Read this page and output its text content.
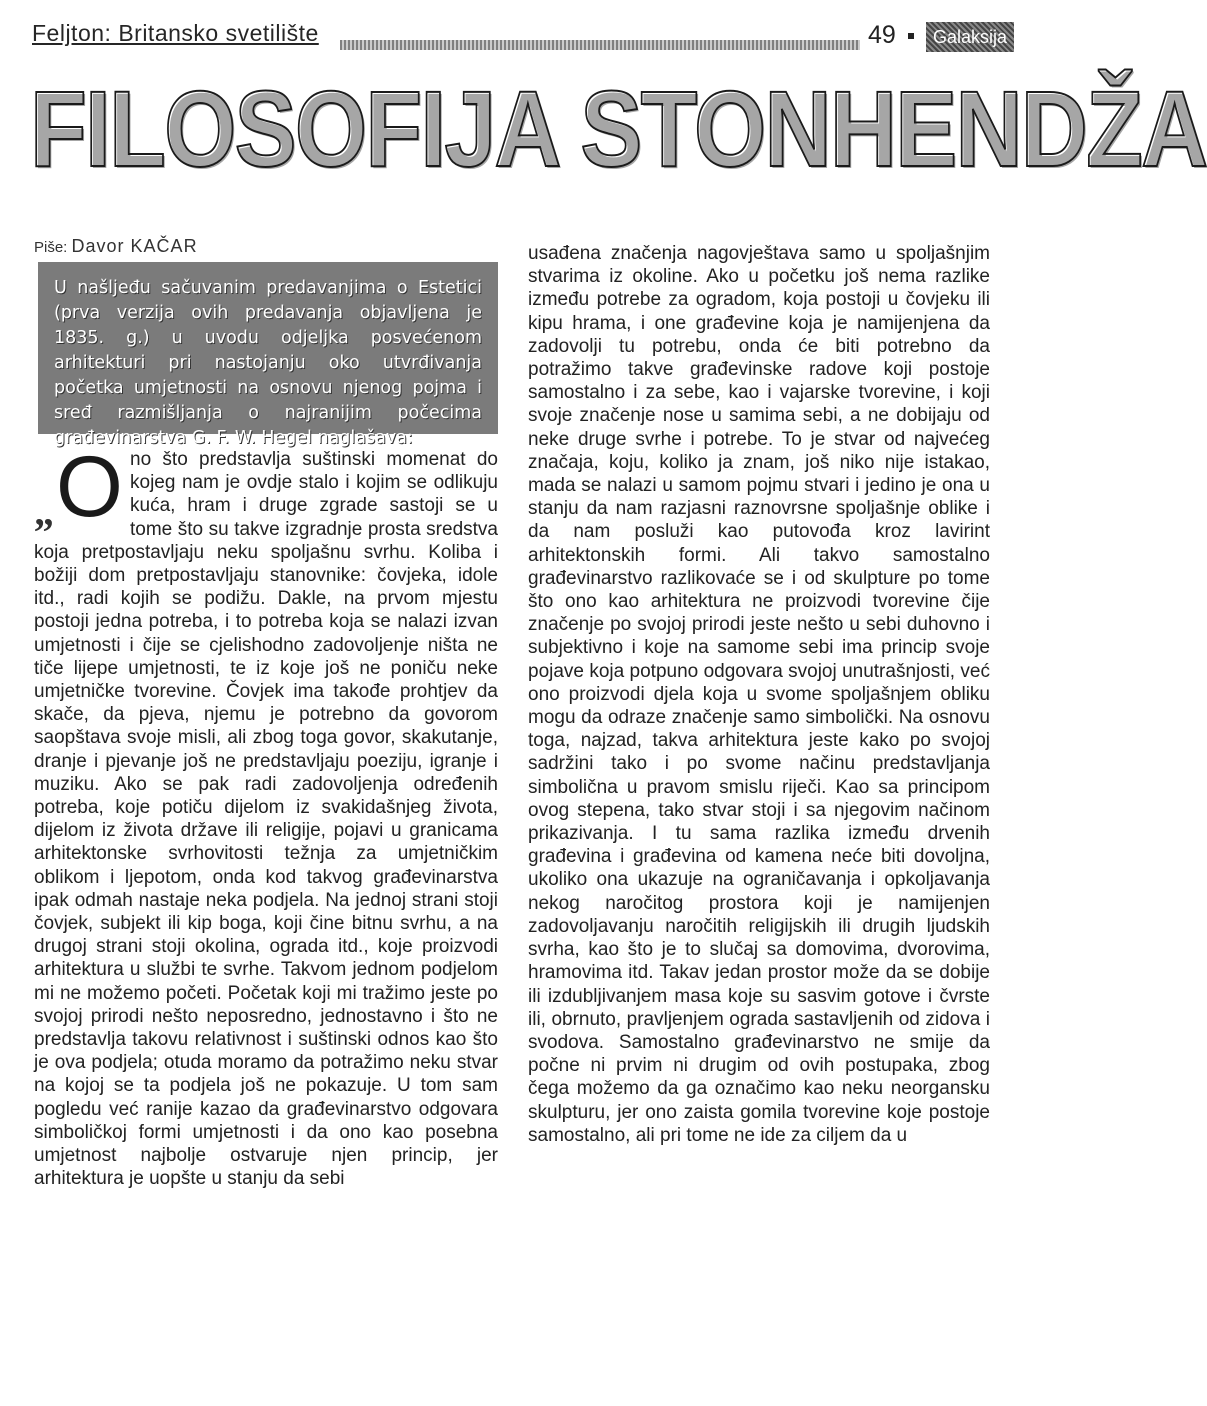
Feljton: Britansko svetilište	49	Galaksija
FILOSOFIJA STONHENDŽA
Piše: Davor KAČAR
U našljeđu sačuvanim predavanjima o Estetici (prva verzija ovih predavanja objavljena je 1835. g.) u uvodu odjeljka posvećenom arhitekturi pri nastojanju oko utvrđivanja početka umjetnosti na osnovu njenog pojma i sređ razmišljanja o najranijim počecima građevinarstva G. F. W. Hegel naglašava:
„ O no što predstavlja suštinski momenat do kojeg nam je ovdje stalo i kojim se odlikuju kuća, hram i druge zgrade sastoji se u tome što su takve izgradnje prosta sredstva koja pretpostavljaju neku spoljašnu svrhu. Koliba i božiji dom pretpostavljaju stanovnike: čovjeka, idole itd., radi kojih se podižu. Dakle, na prvom mjestu postoji jedna potreba, i to potreba koja se nalazi izvan umjetnosti i čije se cjelishodno zadovoljenje ništa ne tiče lijepe umjetnosti, te iz koje još ne poniču neke umjetničke tvorevine. Čovjek ima takođe prohtjev da skače, da pjeva, njemu je potrebno da govorom saopštava svoje misli, ali zbog toga govor, skakutanje, dranje i pjevanje još ne predstavljaju poeziju, igranje i muziku. Ako se pak radi zadovoljenja određenih potreba, koje potiču dijelom iz svakidašnjeg života, dijelom iz života države ili religije, pojavi u granicama arhitektonske svrhovitosti težnja za umjetničkim oblikom i ljepotom, onda kod takvog građevinarstva ipak odmah nastaje neka podjela. Na jednoj strani stoji čovjek, subjekt ili kip boga, koji čine bitnu svrhu, a na drugoj strani stoji okolina, ograda itd., koje proizvodi arhitektura u službi te svrhe. Takvom jednom podjelom mi ne možemo početi. Početak koji mi tražimo jeste po svojoj prirodi nešto neposredno, jednostavno i što ne predstavlja takovu relativnost i suštinski odnos kao što je ova podjela; otuda moramo da potražimo neku stvar na kojoj se ta podjela još ne pokazuje. U tom sam pogledu već ranije kazao da građevinarstvo odgovara simboličkoj formi umjetnosti i da ono kao posebna umjetnost najbolje ostvaruje njen princip, jer arhitektura je uopšte u stanju da sebi
usađena značenja nagovještava samo u spoljašnjim stvarima iz okoline. Ako u početku još nema razlike između potrebe za ogradom, koja postoji u čovjeku ili kipu hrama, i one građevine koja je namijenjena da zadovolji tu potrebu, onda će biti potrebno da potražimo takve građevinske radove koji postoje samostalno i za sebe, kao i vajarske tvorevine, i koji svoje značenje nose u samima sebi, a ne dobijaju od neke druge svrhe i potrebe. To je stvar od najvećeg značaja, koju, koliko ja znam, još niko nije istakao, mada se nalazi u samom pojmu stvari i jedino je ona u stanju da nam razjasni raznovrsne spoljašnje oblike i da nam posluži kao putovođa kroz lavirint arhitektonskih formi. Ali takvo samostalno građevinarstvo razlikovaće se i od skulpture po tome što ono kao arhitektura ne proizvodi tvorevine čije značenje po svojoj prirodi jeste nešto u sebi duhovno i subjektivno i koje na samome sebi ima princip svoje pojave koja potpuno odgovara svojoj unutrašnjosti, već ono proizvodi djela koja u svome spoljašnjem obliku mogu da odraze značenje samo simbolički. Na osnovu toga, najzad, takva arhitektura jeste kako po svojoj sadržini tako i po svome načinu predstavljanja simbolična u pravom smislu riječi. Kao sa principom ovog stepena, tako stvar stoji i sa njegovim načinom prikazivanja. I tu sama razlika između drvenih građevina i građevina od kamena neće biti dovoljna, ukoliko ona ukazuje na ograničavanja i opkoljavanja nekog naročitog prostora koji je namijenjen zadovoljavanju naročitih religijskih ili drugih ljudskih svrha, kao što je to slučaj sa domovima, dvorovima, hramovima itd. Takav jedan prostor može da se dobije ili izdubljivanjem masa koje su sasvim gotove i čvrste ili, obrnuto, pravljenjem ograda sastavljenih od zidova i svodova. Samostalno građevinarstvo ne smije da počne ni prvim ni drugim od ovih postupaka, zbog čega možemo da ga označimo kao neku neorgansku skulpturu, jer ono zaista gomila tvorevine koje postoje samostalno, ali pri tome ne ide za ciljem da u
